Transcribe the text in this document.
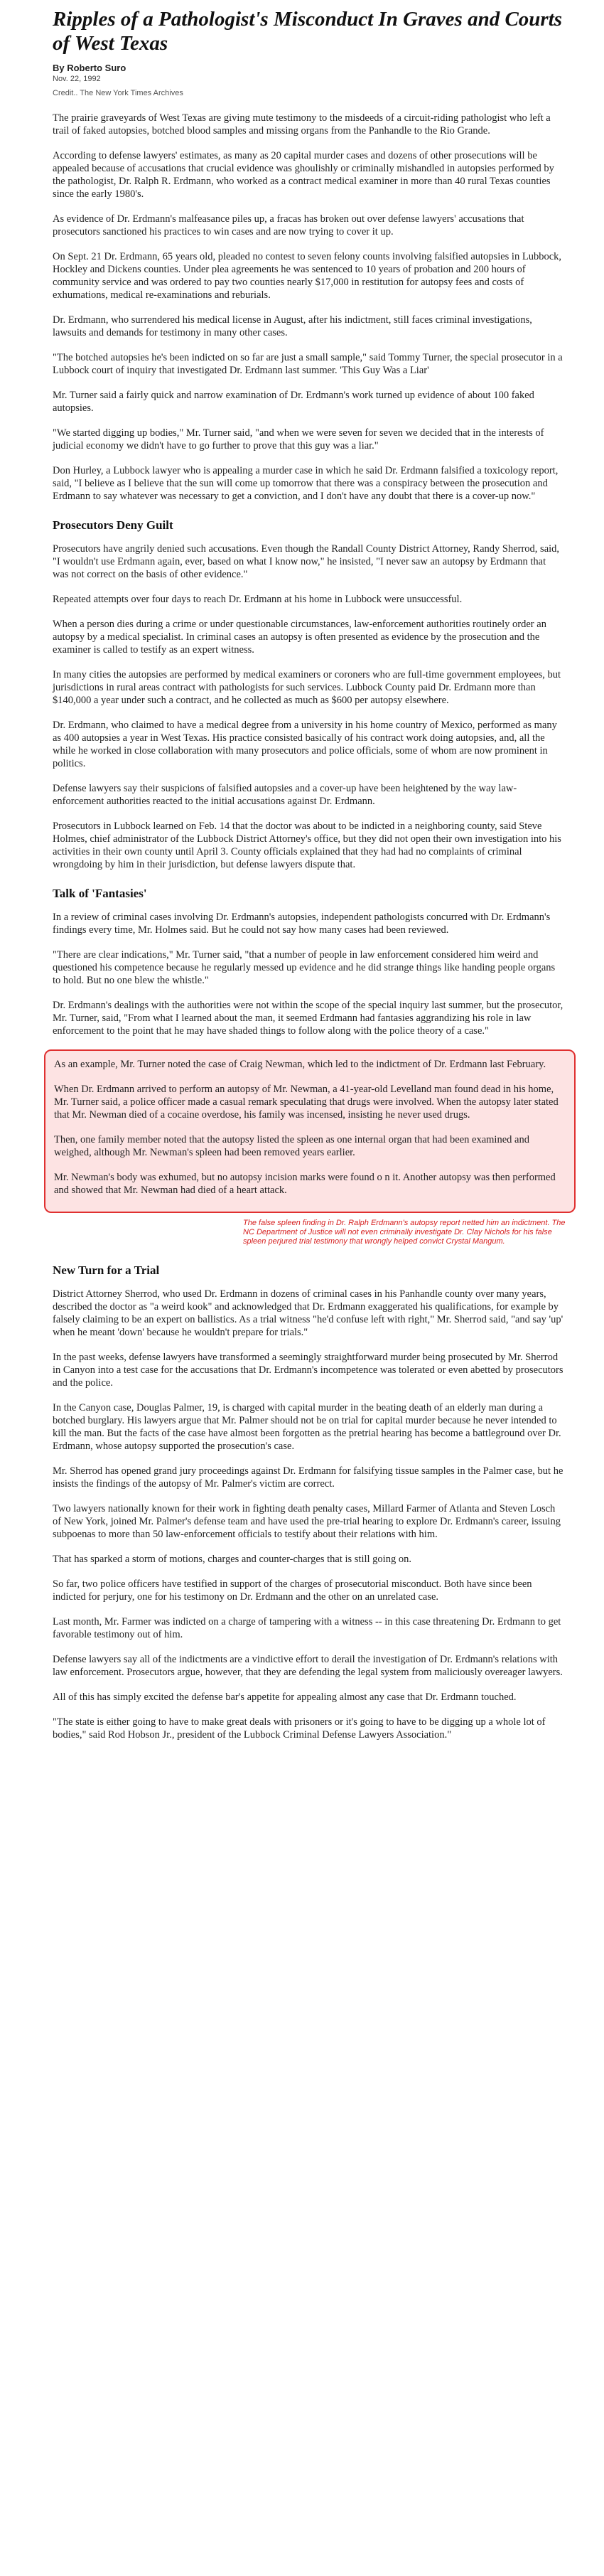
Ripples of a Pathologist's Misconduct In Graves and Courts of West Texas
By Roberto Suro
Nov. 22, 1992
Credit.. The New York Times Archives

The prairie graveyards of West Texas are giving mute testimony to the misdeeds of a circuit-riding pathologist who left a trail of faked autopsies, botched blood samples and missing organs from the Panhandle to the Rio Grande.

According to defense lawyers' estimates, as many as 20 capital murder cases and dozens of other prosecutions will be appealed because of accusations that crucial evidence was ghoulishly or criminally mishandled in autopsies performed by the pathologist, Dr. Ralph R. Erdmann, who worked as a contract medical examiner in more than 40 rural Texas counties since the early 1980's.

As evidence of Dr. Erdmann's malfeasance piles up, a fracas has broken out over defense lawyers' accusations that prosecutors sanctioned his practices to win cases and are now trying to cover it up.

On Sept. 21 Dr. Erdmann, 65 years old, pleaded no contest to seven felony counts involving falsified autopsies in Lubbock, Hockley and Dickens counties. Under plea agreements he was sentenced to 10 years of probation and 200 hours of community service and was ordered to pay two counties nearly $17,000 in restitution for autopsy fees and costs of exhumations, medical re-examinations and reburials.

Dr. Erdmann, who surrendered his medical license in August, after his indictment, still faces criminal investigations, lawsuits and demands for testimony in many other cases.

"The botched autopsies he's been indicted on so far are just a small sample," said Tommy Turner, the special prosecutor in a Lubbock court of inquiry that investigated Dr. Erdmann last summer. 'This Guy Was a Liar'

Mr. Turner said a fairly quick and narrow examination of Dr. Erdmann's work turned up evidence of about 100 faked autopsies.

"We started digging up bodies," Mr. Turner said, "and when we were seven for seven we decided that in the interests of judicial economy we didn't have to go further to prove that this guy was a liar."

Don Hurley, a Lubbock lawyer who is appealing a murder case in which he said Dr. Erdmann falsified a toxicology report, said, "I believe as I believe that the sun will come up tomorrow that there was a conspiracy between the prosecution and Erdmann to say whatever was necessary to get a conviction, and I don't have any doubt that there is a cover-up now."

Prosecutors Deny Guilt

Prosecutors have angrily denied such accusations. Even though the Randall County District Attorney, Randy Sherrod, said, "I wouldn't use Erdmann again, ever, based on what I know now," he insisted, "I never saw an autopsy by Erdmann that was not correct on the basis of other evidence."

Repeated attempts over four days to reach Dr. Erdmann at his home in Lubbock were unsuccessful.

When a person dies during a crime or under questionable circumstances, law-enforcement authorities routinely order an autopsy by a medical specialist. In criminal cases an autopsy is often presented as evidence by the prosecution and the examiner is called to testify as an expert witness.

In many cities the autopsies are performed by medical examiners or coroners who are full-time government employees, but jurisdictions in rural areas contract with pathologists for such services. Lubbock County paid Dr. Erdmann more than $140,000 a year under such a contract, and he collected as much as $600 per autopsy elsewhere.

Dr. Erdmann, who claimed to have a medical degree from a university in his home country of Mexico, performed as many as 400 autopsies a year in West Texas. His practice consisted basically of his contract work doing autopsies, and, all the while he worked in close collaboration with many prosecutors and police officials, some of whom are now prominent in politics.

Defense lawyers say their suspicions of falsified autopsies and a cover-up have been heightened by the way law-enforcement authorities reacted to the initial accusations against Dr. Erdmann.

Prosecutors in Lubbock learned on Feb. 14 that the doctor was about to be indicted in a neighboring county, said Steve Holmes, chief administrator of the Lubbock District Attorney's office, but they did not open their own investigation into his activities in their own county until April 3. County officials explained that they had had no complaints of criminal wrongdoing by him in their jurisdiction, but defense lawyers dispute that.

Talk of 'Fantasies'

In a review of criminal cases involving Dr. Erdmann's autopsies, independent pathologists concurred with Dr. Erdmann's findings every time, Mr. Holmes said. But he could not say how many cases had been reviewed.

"There are clear indications," Mr. Turner said, "that a number of people in law enforcement considered him weird and questioned his competence because he regularly messed up evidence and he did strange things like handing people organs to hold. But no one blew the whistle."

Dr. Erdmann's dealings with the authorities were not within the scope of the special inquiry last summer, but the prosecutor, Mr. Turner, said, "From what I learned about the man, it seemed Erdmann had fantasies aggrandizing his role in law enforcement to the point that he may have shaded things to follow along with the police theory of a case."

As an example, Mr. Turner noted the case of Craig Newman, which led to the indictment of Dr. Erdmann last February.

When Dr. Erdmann arrived to perform an autopsy of Mr. Newman, a 41-year-old Levelland man found dead in his home, Mr. Turner said, a police officer made a casual remark speculating that drugs were involved. When the autopsy later stated that Mr. Newman died of a cocaine overdose, his family was incensed, insisting he never used drugs.

Then, one family member noted that the autopsy listed the spleen as one internal organ that had been examined and weighed, although Mr. Newman's spleen had been removed years earlier.

Mr. Newman's body was exhumed, but no autopsy incision marks were found o n it. Another autopsy was then performed and showed that Mr. Newman had died of a heart attack.

The false spleen finding in Dr. Ralph Erdmann's autopsy report netted him an indictment. The NC Department of Justice will not even criminally investigate Dr. Clay Nichols for his false spleen perjured trial testimony that wrongly helped convict Crystal Mangum.
New Turn for a Trial

District Attorney Sherrod, who used Dr. Erdmann in dozens of criminal cases in his Panhandle county over many years, described the doctor as "a weird kook" and acknowledged that Dr. Erdmann exaggerated his qualifications, for example by falsely claiming to be an expert on ballistics. As a trial witness "he'd confuse left with right," Mr. Sherrod said, "and say 'up' when he meant 'down' because he wouldn't prepare for trials."

In the past weeks, defense lawyers have transformed a seemingly straightforward murder being prosecuted by Mr. Sherrod in Canyon into a test case for the accusations that Dr. Erdmann's incompetence was tolerated or even abetted by prosecutors and the police.

In the Canyon case, Douglas Palmer, 19, is charged with capital murder in the beating death of an elderly man during a botched burglary. His lawyers argue that Mr. Palmer should not be on trial for capital murder because he never intended to kill the man. But the facts of the case have almost been forgotten as the pretrial hearing has become a battleground over Dr. Erdmann, whose autopsy supported the prosecution's case.

Mr. Sherrod has opened grand jury proceedings against Dr. Erdmann for falsifying tissue samples in the Palmer case, but he insists the findings of the autopsy of Mr. Palmer's victim are correct.

Two lawyers nationally known for their work in fighting death penalty cases, Millard Farmer of Atlanta and Steven Losch of New York, joined Mr. Palmer's defense team and have used the pre-trial hearing to explore Dr. Erdmann's career, issuing subpoenas to more than 50 law-enforcement officials to testify about their relations with him.

That has sparked a storm of motions, charges and counter-charges that is still going on.

So far, two police officers have testified in support of the charges of prosecutorial misconduct. Both have since been indicted for perjury, one for his testimony on Dr. Erdmann and the other on an unrelated case.

Last month, Mr. Farmer was indicted on a charge of tampering with a witness -- in this case threatening Dr. Erdmann to get favorable testimony out of him.

Defense lawyers say all of the indictments are a vindictive effort to derail the investigation of Dr. Erdmann's relations with law enforcement. Prosecutors argue, however, that they are defending the legal system from maliciously overeager lawyers.

All of this has simply excited the defense bar's appetite for appealing almost any case that Dr. Erdmann touched.

"The state is either going to have to make great deals with prisoners or it's going to have to be digging up a whole lot of bodies," said Rod Hobson Jr., president of the Lubbock Criminal Defense Lawyers Association."
